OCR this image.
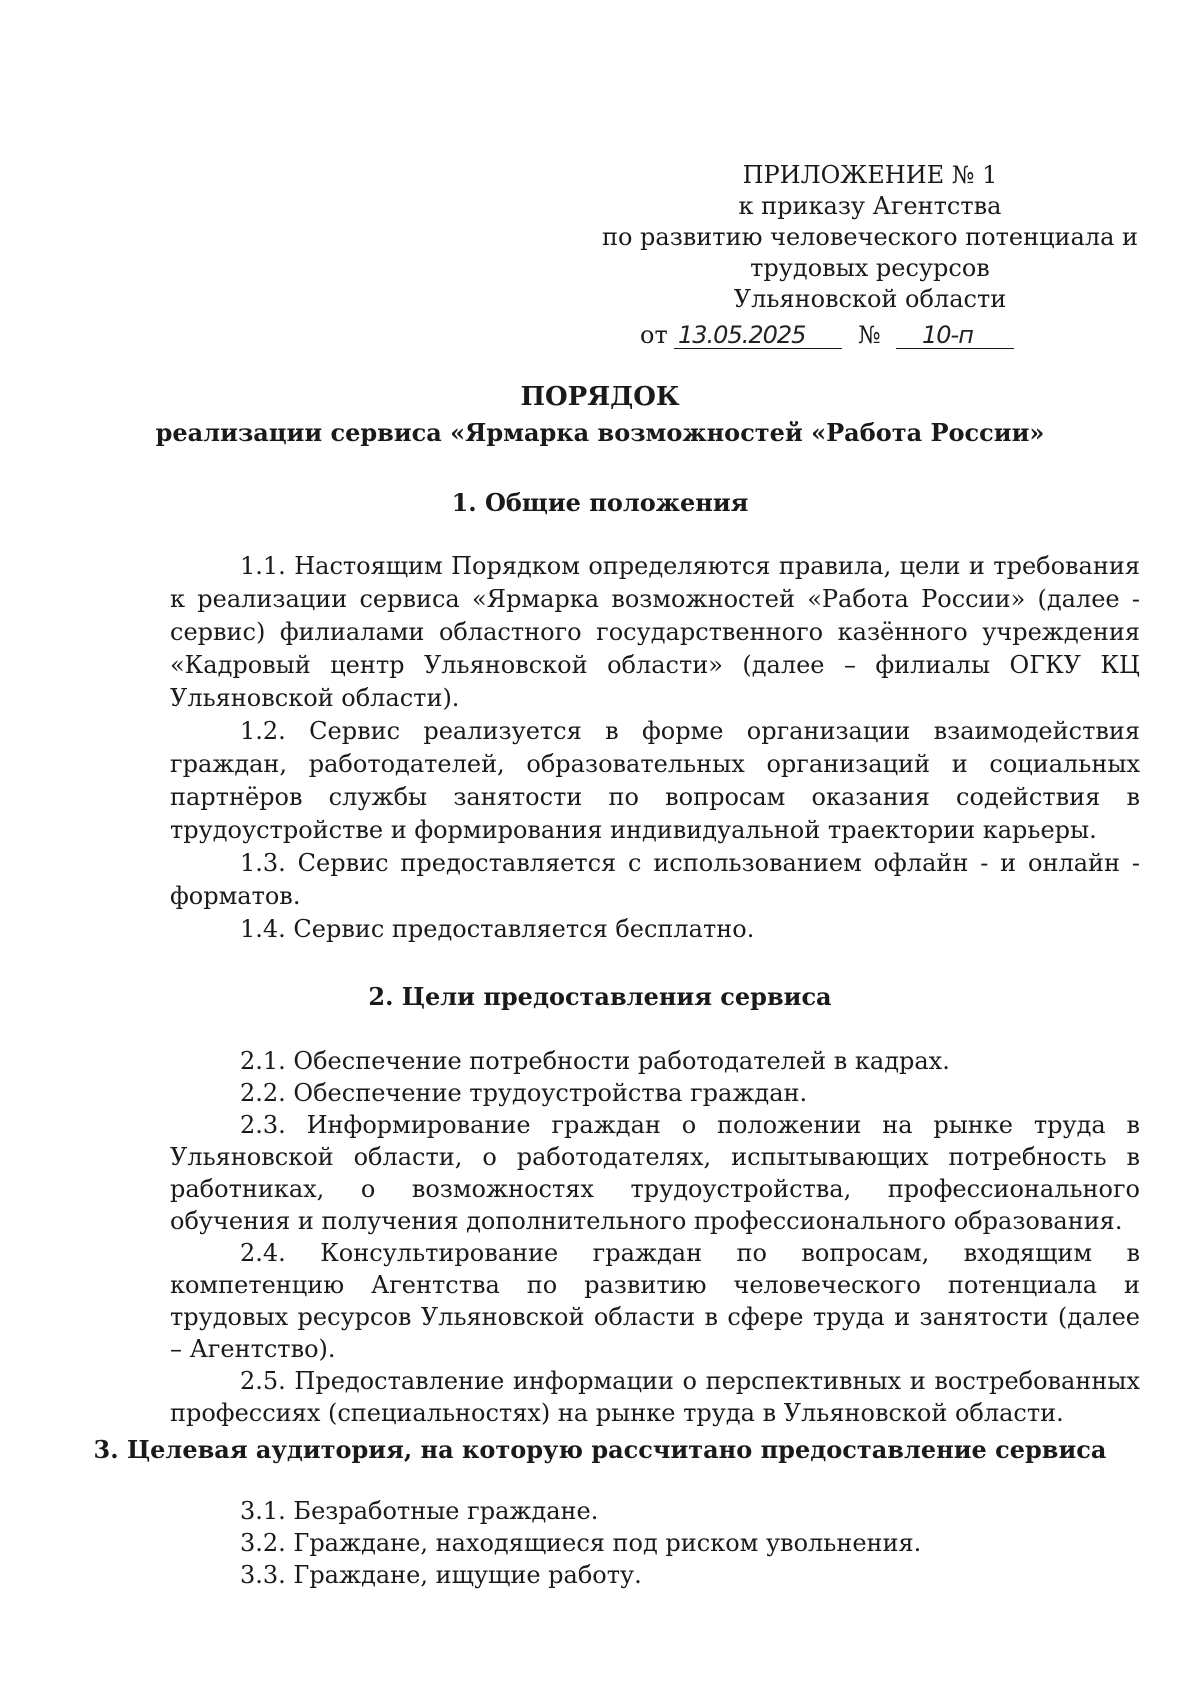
ПРИЛОЖЕНИЕ № 1
к приказу Агентства
по развитию человеческого потенциала и
трудовых ресурсов
Ульяновской области
от 13.05.2025 № 10-п
ПОРЯДОК
реализации сервиса «Ярмарка возможностей «Работа России»
1. Общие положения

1.1. Настоящим Порядком определяются правила, цели и требования к реализации сервиса «Ярмарка возможностей «Работа России» (далее - сервис) филиалами областного государственного казённого учреждения «Кадровый центр Ульяновской области» (далее – филиалы ОГКУ КЦ Ульяновской области).

1.2. Сервис реализуется в форме организации взаимодействия граждан, работодателей, образовательных организаций и социальных партнёров службы занятости по вопросам оказания содействия в трудоустройстве и формирования индивидуальной траектории карьеры.

1.3. Сервис предоставляется с использованием офлайн - и онлайн - форматов.

1.4. Сервис предоставляется бесплатно.

2. Цели предоставления сервиса

2.1. Обеспечение потребности работодателей в кадрах.

2.2. Обеспечение трудоустройства граждан.

2.3. Информирование граждан о положении на рынке труда в Ульяновской области, о работодателях, испытывающих потребность в работниках, о возможностях трудоустройства, профессионального обучения и получения дополнительного профессионального образования.

2.4. Консультирование граждан по вопросам, входящим в компетенцию Агентства по развитию человеческого потенциала и трудовых ресурсов Ульяновской области в сфере труда и занятости (далее – Агентство).

2.5. Предоставление информации о перспективных и востребованных профессиях (специальностях) на рынке труда в Ульяновской области.

3. Целевая аудитория, на которую рассчитано предоставление сервиса

3.1. Безработные граждане.

3.2. Граждане, находящиеся под риском увольнения.

3.3. Граждане, ищущие работу.
